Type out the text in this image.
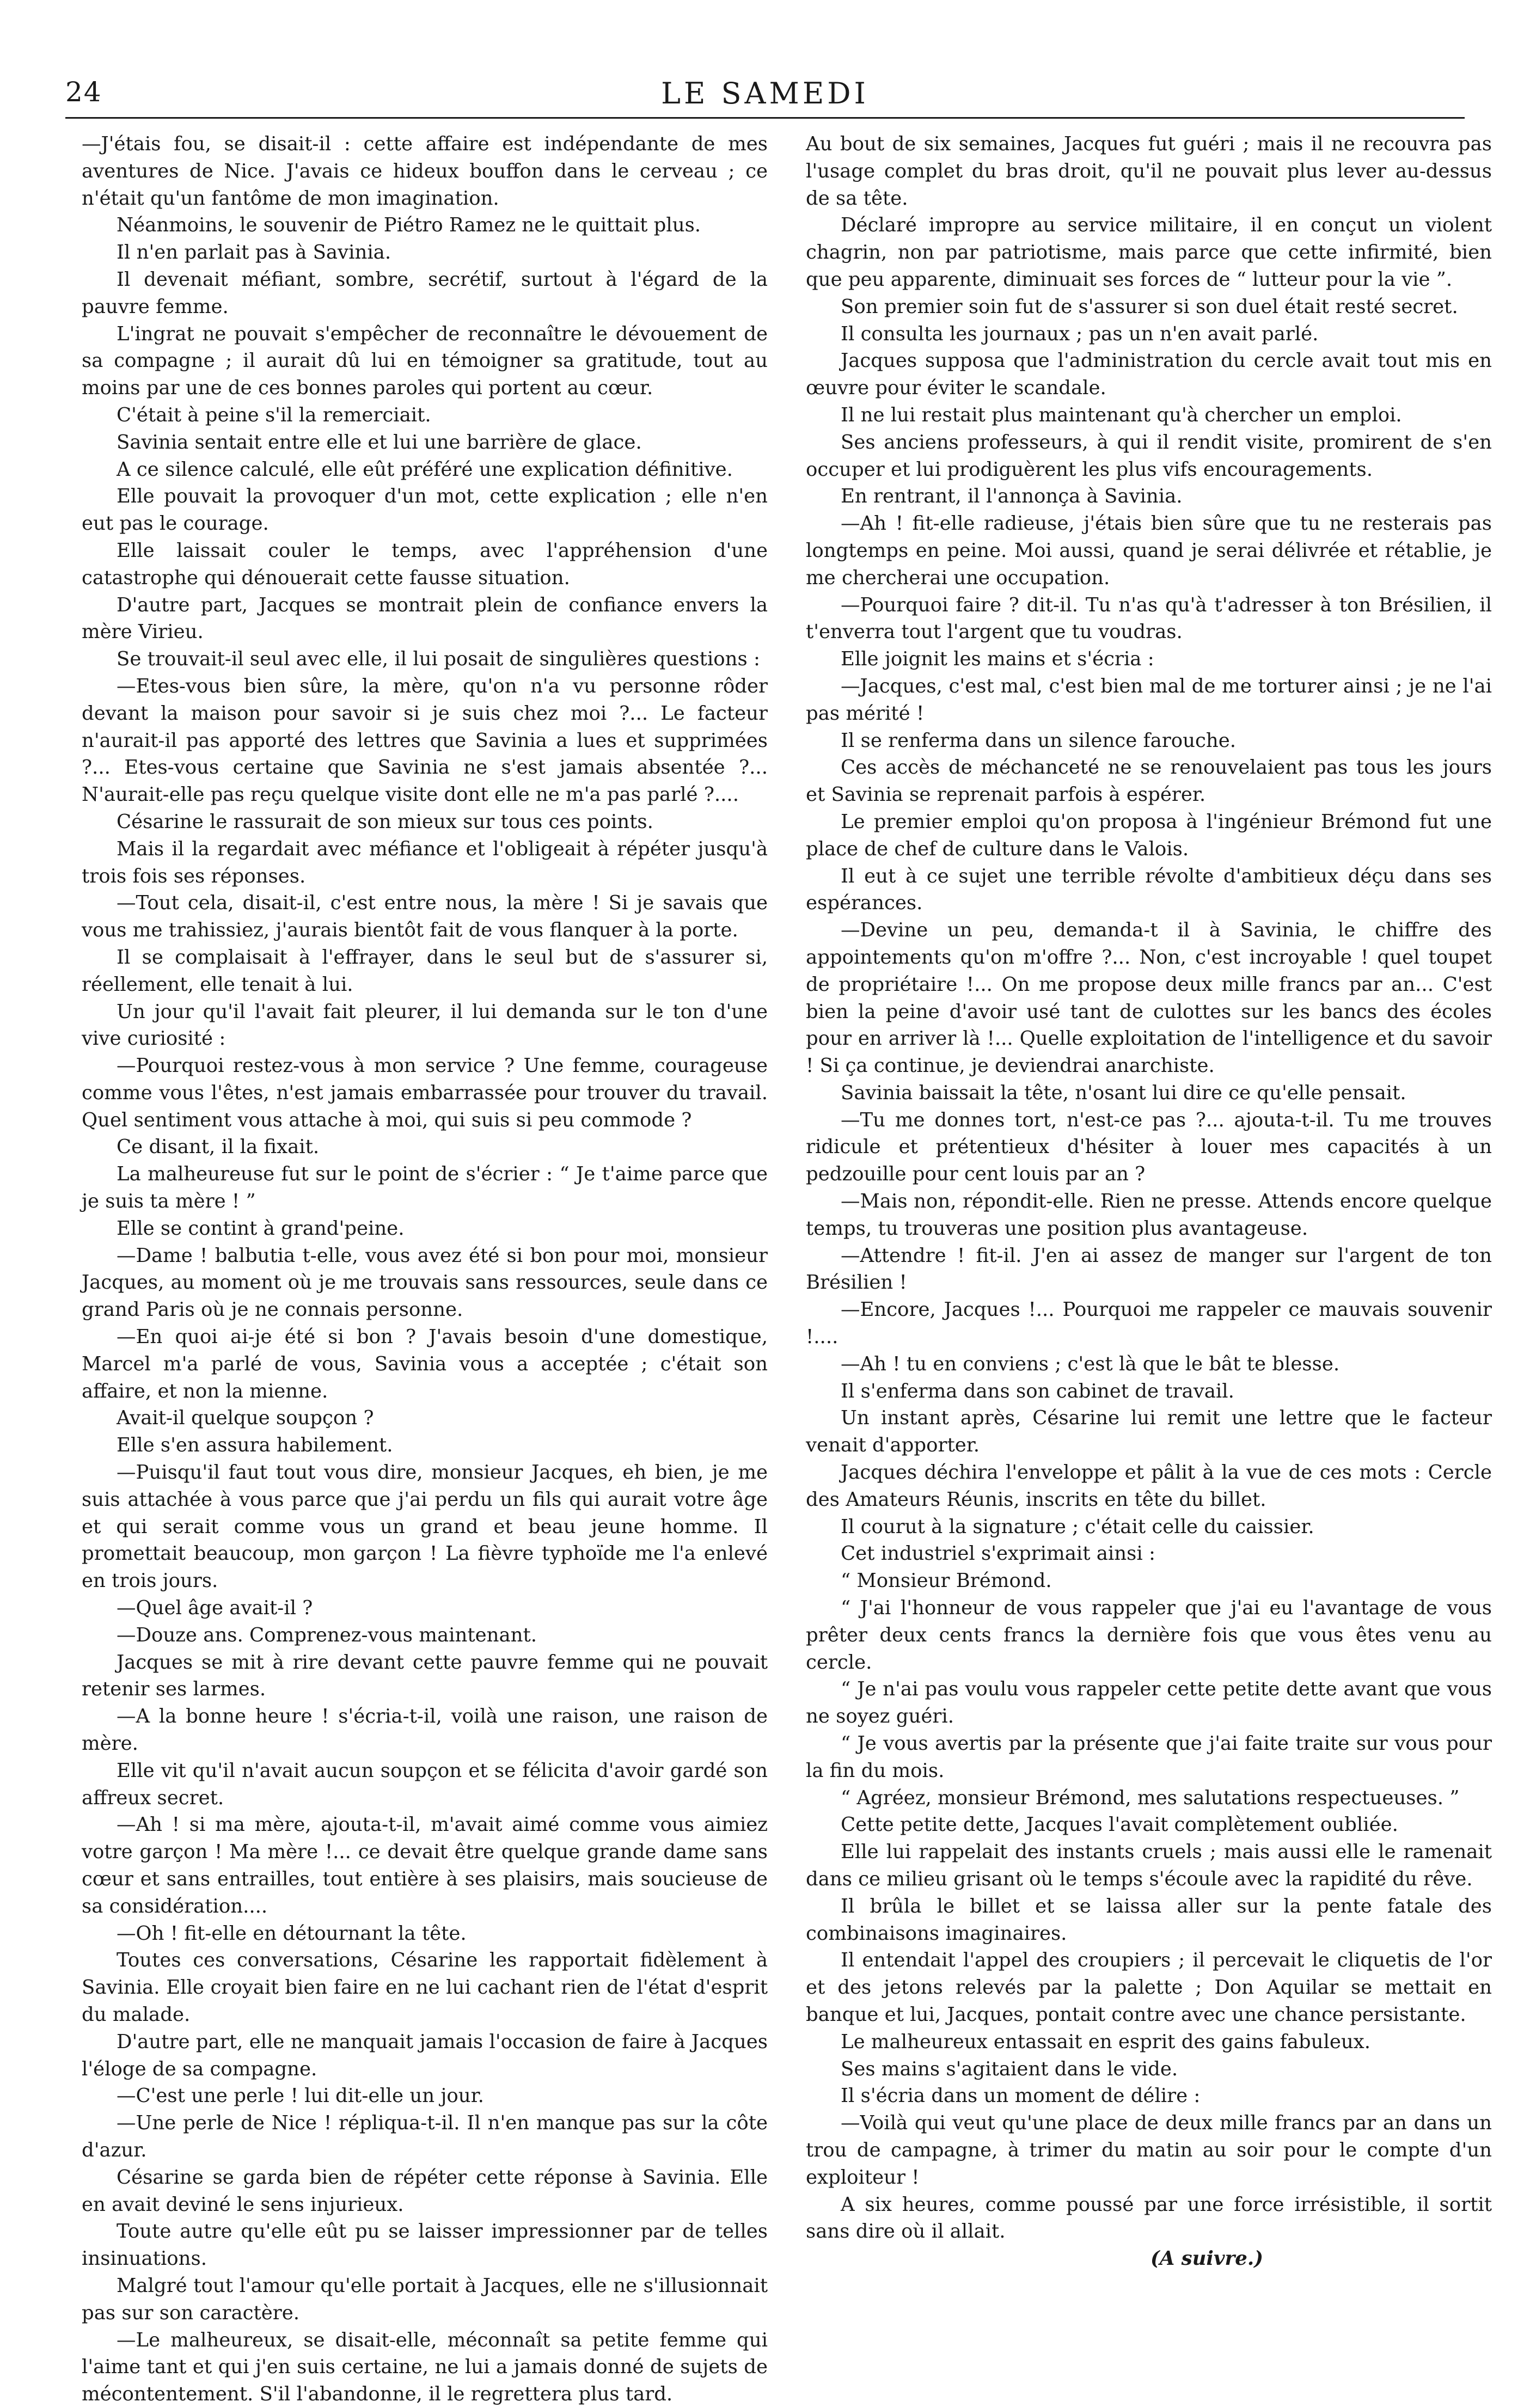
24	LE SAMEDI

—J'étais fou, se disait-il : cette affaire est indépendante de mes aventures de Nice. J'avais ce hideux bouffon dans le cerveau ; ce n'était qu'un fantôme de mon imagination.

Néanmoins, le souvenir de Piétro Ramez ne le quittait plus.

Il n'en parlait pas à Savinia.

Il devenait méfiant, sombre, secrétif, surtout à l'égard de la pauvre femme.

L'ingrat ne pouvait s'empêcher de reconnaître le dévouement de sa compagne ; il aurait dû lui en témoigner sa gratitude, tout au moins par une de ces bonnes paroles qui portent au cœur.

C'était à peine s'il la remerciait.

Savinia sentait entre elle et lui une barrière de glace.

A ce silence calculé, elle eût préféré une explication définitive.

Elle pouvait la provoquer d'un mot, cette explication ; elle n'en eut pas le courage.

Elle laissait couler le temps, avec l'appréhension d'une catastrophe qui dénouerait cette fausse situation.

D'autre part, Jacques se montrait plein de confiance envers la mère Virieu.

Se trouvait-il seul avec elle, il lui posait de singulières questions :

—Etes-vous bien sûre, la mère, qu'on n'a vu personne rôder devant la maison pour savoir si je suis chez moi ?... Le facteur n'aurait-il pas apporté des lettres que Savinia a lues et supprimées ?... Etes-vous certaine que Savinia ne s'est jamais absentée ?... N'aurait-elle pas reçu quelque visite dont elle ne m'a pas parlé ?....

Césarine le rassurait de son mieux sur tous ces points.

Mais il la regardait avec méfiance et l'obligeait à répéter jusqu'à trois fois ses réponses.

—Tout cela, disait-il, c'est entre nous, la mère ! Si je savais que vous me trahissiez, j'aurais bientôt fait de vous flanquer à la porte.

Il se complaisait à l'effrayer, dans le seul but de s'assurer si, réellement, elle tenait à lui.

Un jour qu'il l'avait fait pleurer, il lui demanda sur le ton d'une vive curiosité :

—Pourquoi restez-vous à mon service ? Une femme, courageuse comme vous l'êtes, n'est jamais embarrassée pour trouver du travail. Quel sentiment vous attache à moi, qui suis si peu commode ?

Ce disant, il la fixait.

La malheureuse fut sur le point de s'écrier : “ Je t'aime parce que je suis ta mère ! ”

Elle se contint à grand'peine.

—Dame ! balbutia t-elle, vous avez été si bon pour moi, monsieur Jacques, au moment où je me trouvais sans ressources, seule dans ce grand Paris où je ne connais personne.

—En quoi ai-je été si bon ? J'avais besoin d'une domestique, Marcel m'a parlé de vous, Savinia vous a acceptée ; c'était son affaire, et non la mienne.

Avait-il quelque soupçon ?

Elle s'en assura habilement.

—Puisqu'il faut tout vous dire, monsieur Jacques, eh bien, je me suis attachée à vous parce que j'ai perdu un fils qui aurait votre âge et qui serait comme vous un grand et beau jeune homme. Il promettait beaucoup, mon garçon ! La fièvre typhoïde me l'a enlevé en trois jours.

—Quel âge avait-il ?

—Douze ans. Comprenez-vous maintenant.

Jacques se mit à rire devant cette pauvre femme qui ne pouvait retenir ses larmes.

—A la bonne heure ! s'écria-t-il, voilà une raison, une raison de mère.

Elle vit qu'il n'avait aucun soupçon et se félicita d'avoir gardé son affreux secret.

—Ah ! si ma mère, ajouta-t-il, m'avait aimé comme vous aimiez votre garçon ! Ma mère !... ce devait être quelque grande dame sans cœur et sans entrailles, tout entière à ses plaisirs, mais soucieuse de sa considération....

—Oh ! fit-elle en détournant la tête.

Toutes ces conversations, Césarine les rapportait fidèlement à Savinia. Elle croyait bien faire en ne lui cachant rien de l'état d'esprit du malade.

D'autre part, elle ne manquait jamais l'occasion de faire à Jacques l'éloge de sa compagne.

—C'est une perle ! lui dit-elle un jour.

—Une perle de Nice ! répliqua-t-il. Il n'en manque pas sur la côte d'azur.

Césarine se garda bien de répéter cette réponse à Savinia. Elle en avait deviné le sens injurieux.

Toute autre qu'elle eût pu se laisser impressionner par de telles insinuations.

Malgré tout l'amour qu'elle portait à Jacques, elle ne s'illusionnait pas sur son caractère.

—Le malheureux, se disait-elle, méconnaît sa petite femme qui l'aime tant et qui j'en suis certaine, ne lui a jamais donné de sujets de mécontentement. S'il l'abandonne, il le regrettera plus tard.

Au bout de six semaines, Jacques fut guéri ; mais il ne recouvra pas l'usage complet du bras droit, qu'il ne pouvait plus lever au-dessus de sa tête.

Déclaré impropre au service militaire, il en conçut un violent chagrin, non par patriotisme, mais parce que cette infirmité, bien que peu apparente, diminuait ses forces de “ lutteur pour la vie ”.

Son premier soin fut de s'assurer si son duel était resté secret.

Il consulta les journaux ; pas un n'en avait parlé.

Jacques supposa que l'administration du cercle avait tout mis en œuvre pour éviter le scandale.

Il ne lui restait plus maintenant qu'à chercher un emploi.

Ses anciens professeurs, à qui il rendit visite, promirent de s'en occuper et lui prodiguèrent les plus vifs encouragements.

En rentrant, il l'annonça à Savinia.

—Ah ! fit-elle radieuse, j'étais bien sûre que tu ne resterais pas longtemps en peine. Moi aussi, quand je serai délivrée et rétablie, je me chercherai une occupation.

—Pourquoi faire ? dit-il. Tu n'as qu'à t'adresser à ton Brésilien, il t'enverra tout l'argent que tu voudras.

Elle joignit les mains et s'écria :

—Jacques, c'est mal, c'est bien mal de me torturer ainsi ; je ne l'ai pas mérité !

Il se renferma dans un silence farouche.

Ces accès de méchanceté ne se renouvelaient pas tous les jours et Savinia se reprenait parfois à espérer.

Le premier emploi qu'on proposa à l'ingénieur Brémond fut une place de chef de culture dans le Valois.

Il eut à ce sujet une terrible révolte d'ambitieux déçu dans ses espérances.

—Devine un peu, demanda-t il à Savinia, le chiffre des appointements qu'on m'offre ?... Non, c'est incroyable ! quel toupet de propriétaire !... On me propose deux mille francs par an... C'est bien la peine d'avoir usé tant de culottes sur les bancs des écoles pour en arriver là !... Quelle exploitation de l'intelligence et du savoir ! Si ça continue, je deviendrai anarchiste.

Savinia baissait la tête, n'osant lui dire ce qu'elle pensait.

—Tu me donnes tort, n'est-ce pas ?... ajouta-t-il. Tu me trouves ridicule et prétentieux d'hésiter à louer mes capacités à un pedzouille pour cent louis par an ?

—Mais non, répondit-elle. Rien ne presse. Attends encore quelque temps, tu trouveras une position plus avantageuse.

—Attendre ! fit-il. J'en ai assez de manger sur l'argent de ton Brésilien !

—Encore, Jacques !... Pourquoi me rappeler ce mauvais souvenir !....

—Ah ! tu en conviens ; c'est là que le bât te blesse.

Il s'enferma dans son cabinet de travail.

Un instant après, Césarine lui remit une lettre que le facteur venait d'apporter.

Jacques déchira l'enveloppe et pâlit à la vue de ces mots : Cercle des Amateurs Réunis, inscrits en tête du billet.

Il courut à la signature ; c'était celle du caissier.

Cet industriel s'exprimait ainsi :

“ Monsieur Brémond.

“ J'ai l'honneur de vous rappeler que j'ai eu l'avantage de vous prêter deux cents francs la dernière fois que vous êtes venu au cercle.

“ Je n'ai pas voulu vous rappeler cette petite dette avant que vous ne soyez guéri.

“ Je vous avertis par la présente que j'ai faite traite sur vous pour la fin du mois.

“ Agréez, monsieur Brémond, mes salutations respectueuses. ”

Cette petite dette, Jacques l'avait complètement oubliée.

Elle lui rappelait des instants cruels ; mais aussi elle le ramenait dans ce milieu grisant où le temps s'écoule avec la rapidité du rêve.

Il brûla le billet et se laissa aller sur la pente fatale des combinaisons imaginaires.

Il entendait l'appel des croupiers ; il percevait le cliquetis de l'or et des jetons relevés par la palette ; Don Aquilar se mettait en banque et lui, Jacques, pontait contre avec une chance persistante.

Le malheureux entassait en esprit des gains fabuleux.

Ses mains s'agitaient dans le vide.

Il s'écria dans un moment de délire :

—Voilà qui veut qu'une place de deux mille francs par an dans un trou de campagne, à trimer du matin au soir pour le compte d'un exploiteur !

A six heures, comme poussé par une force irrésistible, il sortit sans dire où il allait.

(A suivre.)
